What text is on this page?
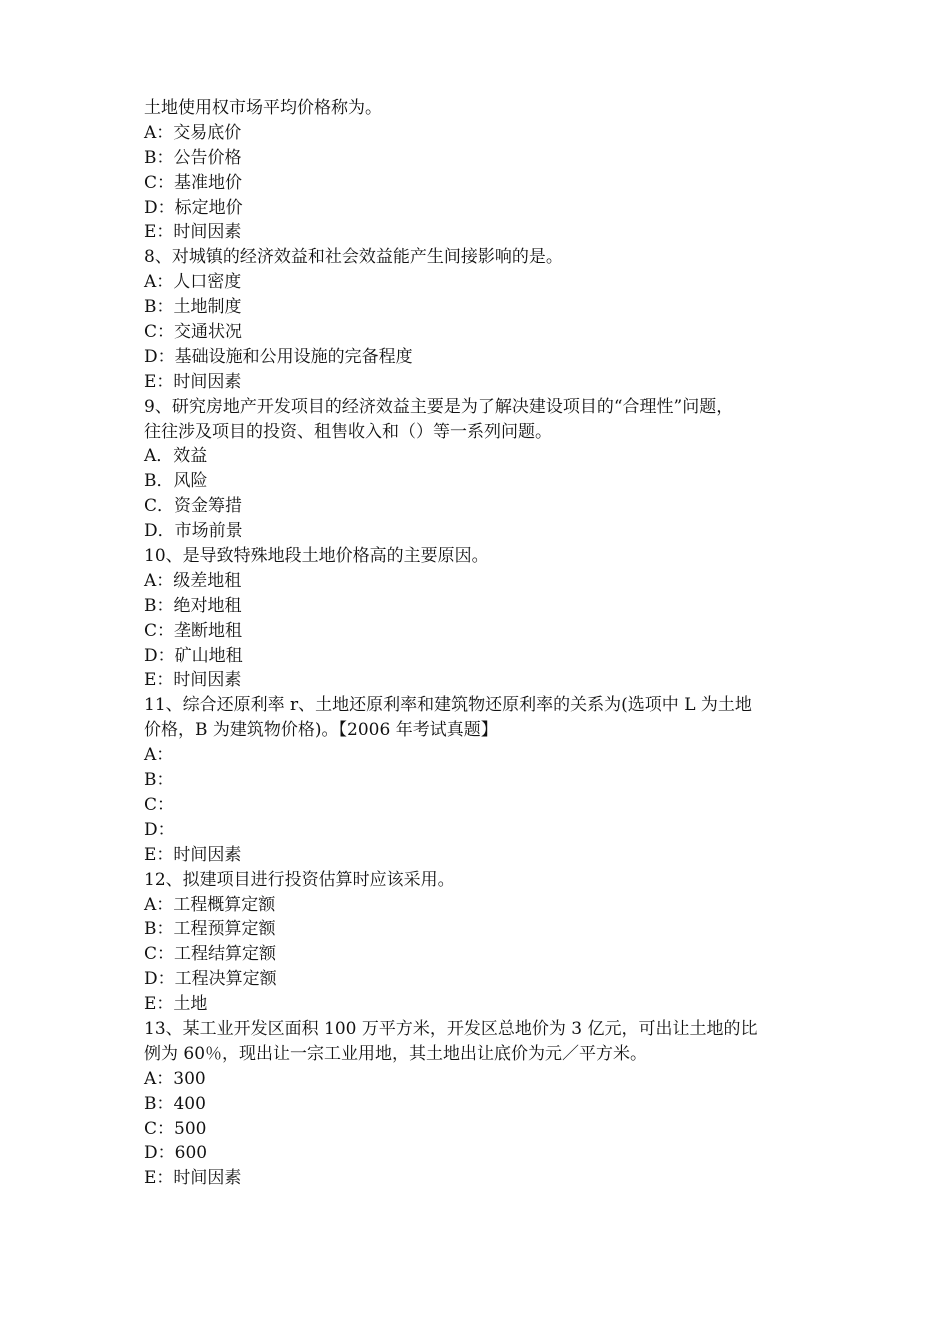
土地使用权市场平均价格称为。
A：交易底价
B：公告价格
C：基准地价
D：标定地价
E：时间因素
8、对城镇的经济效益和社会效益能产生间接影响的是。
A：人口密度
B：土地制度
C：交通状况
D：基础设施和公用设施的完备程度
E：时间因素
9、研究房地产开发项目的经济效益主要是为了解决建设项目的“合理性”问题，
往往涉及项目的投资、租售收入和（）等一系列问题。
A．效益
B．风险
C．资金筹措
D．市场前景
10、是导致特殊地段土地价格高的主要原因。
A：级差地租
B：绝对地租
C：垄断地租
D：矿山地租
E：时间因素
11、综合还原利率 r、土地还原利率和建筑物还原利率的关系为(选项中 L 为土地
价格，B 为建筑物价格)。【2006 年考试真题】
A：
B：
C：
D：
E：时间因素
12、拟建项目进行投资估算时应该采用。
A：工程概算定额
B：工程预算定额
C：工程结算定额
D：工程决算定额
E：土地
13、某工业开发区面积 100 万平方米，开发区总地价为 3 亿元，可出让土地的比
例为 60％，现出让一宗工业用地，其土地出让底价为元／平方米。
A：300
B：400
C：500
D：600
E：时间因素
